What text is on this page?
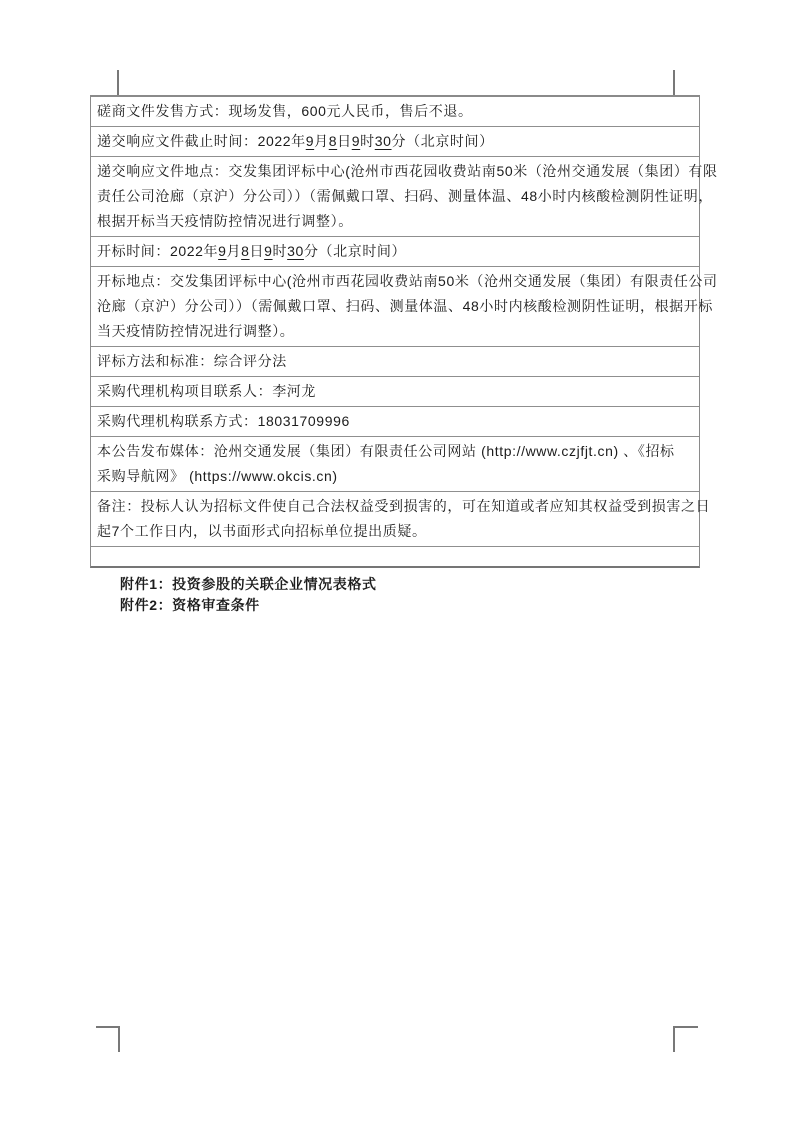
磋商文件发售方式：现场发售，600元人民币，售后不退。
递交响应文件截止时间：2022年9月8日9时30分（北京时间）
递交响应文件地点：交发集团评标中心(沧州市西花园收费站南50米（沧州交通发展（集团）有限
责任公司沧廊（京沪）分公司））（需佩戴口罩、扫码、测量体温、48小时内核酸检测阴性证明，
根据开标当天疫情防控情况进行调整）。
开标时间：2022年9月8日9时30分（北京时间）
开标地点：交发集团评标中心(沧州市西花园收费站南50米（沧州交通发展（集团）有限责任公司
沧廊（京沪）分公司））（需佩戴口罩、扫码、测量体温、48小时内核酸检测阴性证明，根据开标
当天疫情防控情况进行调整）。
评标方法和标准：综合评分法
采购代理机构项目联系人：李河龙
采购代理机构联系方式：18031709996
本公告发布媒体：沧州交通发展（集团）有限责任公司网站 (http://www.czjfjt.cn) 、《招标
采购导航网》 (https://www.okcis.cn)
备注：投标人认为招标文件使自己合法权益受到损害的，可在知道或者应知其权益受到损害之日
起7个工作日内，以书面形式向招标单位提出质疑。
附件1：投资参股的关联企业情况表格式
附件2：资格审查条件
